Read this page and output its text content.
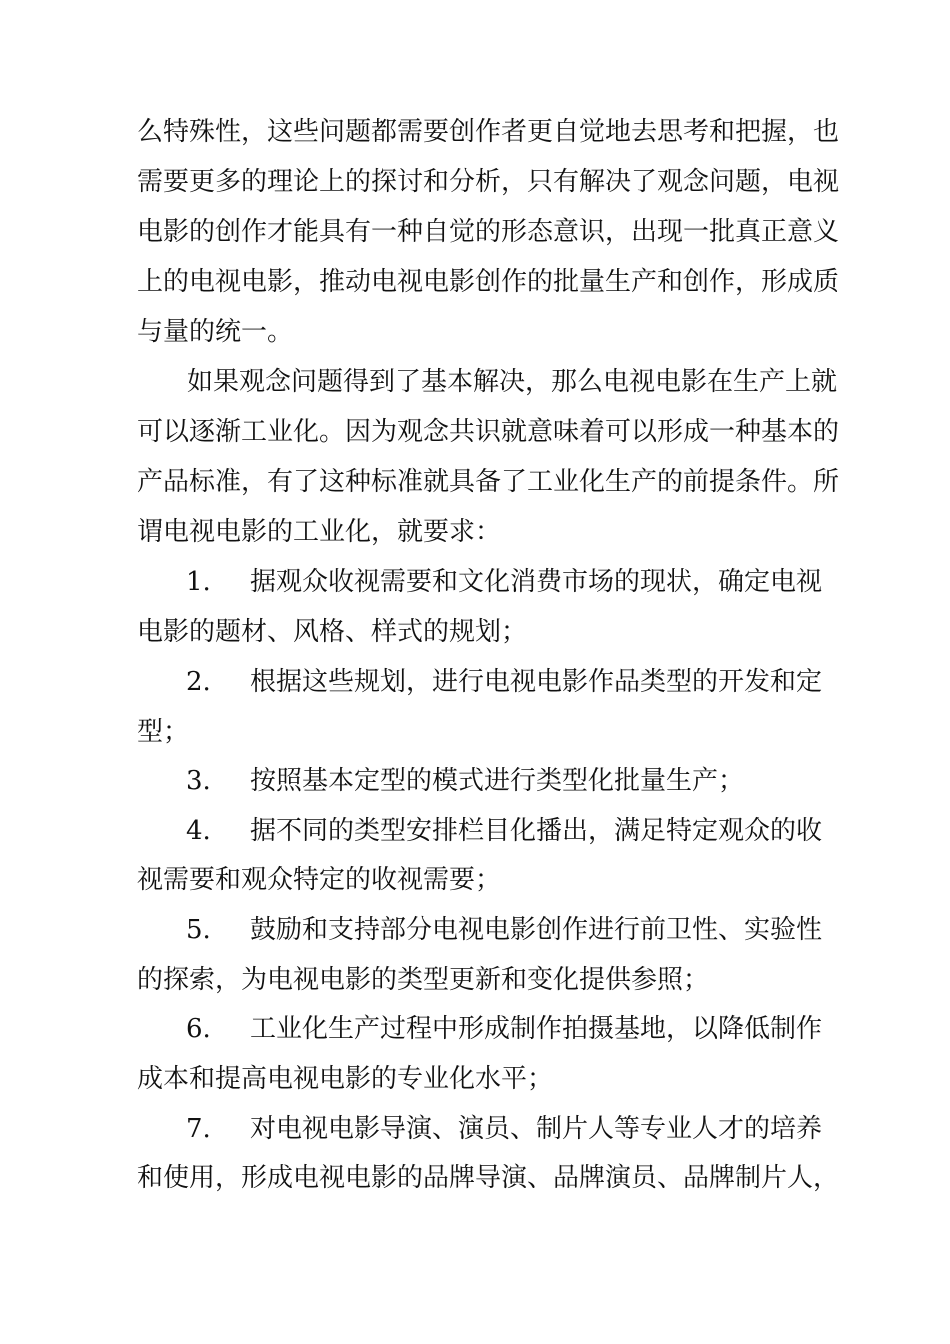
么特殊性，这些问题都需要创作者更自觉地去思考和把握，也
需要更多的理论上的探讨和分析，只有解决了观念问题，电视
电影的创作才能具有一种自觉的形态意识，出现一批真正意义
上的电视电影，推动电视电影创作的批量生产和创作，形成质
与量的统一。
如果观念问题得到了基本解决，那么电视电影在生产上就
可以逐渐工业化。因为观念共识就意味着可以形成一种基本的
产品标准，有了这种标准就具备了工业化生产的前提条件。所
谓电视电影的工业化，就要求：
1. 据观众收视需要和文化消费市场的现状，确定电视
电影的题材、风格、样式的规划；
2. 根据这些规划，进行电视电影作品类型的开发和定
型；
3. 按照基本定型的模式进行类型化批量生产；
4. 据不同的类型安排栏目化播出，满足特定观众的收
视需要和观众特定的收视需要；
5. 鼓励和支持部分电视电影创作进行前卫性、实验性
的探索，为电视电影的类型更新和变化提供参照；
6. 工业化生产过程中形成制作拍摄基地，以降低制作
成本和提高电视电影的专业化水平；
7. 对电视电影导演、演员、制片人等专业人才的培养
和使用，形成电视电影的品牌导演、品牌演员、品牌制片人，
